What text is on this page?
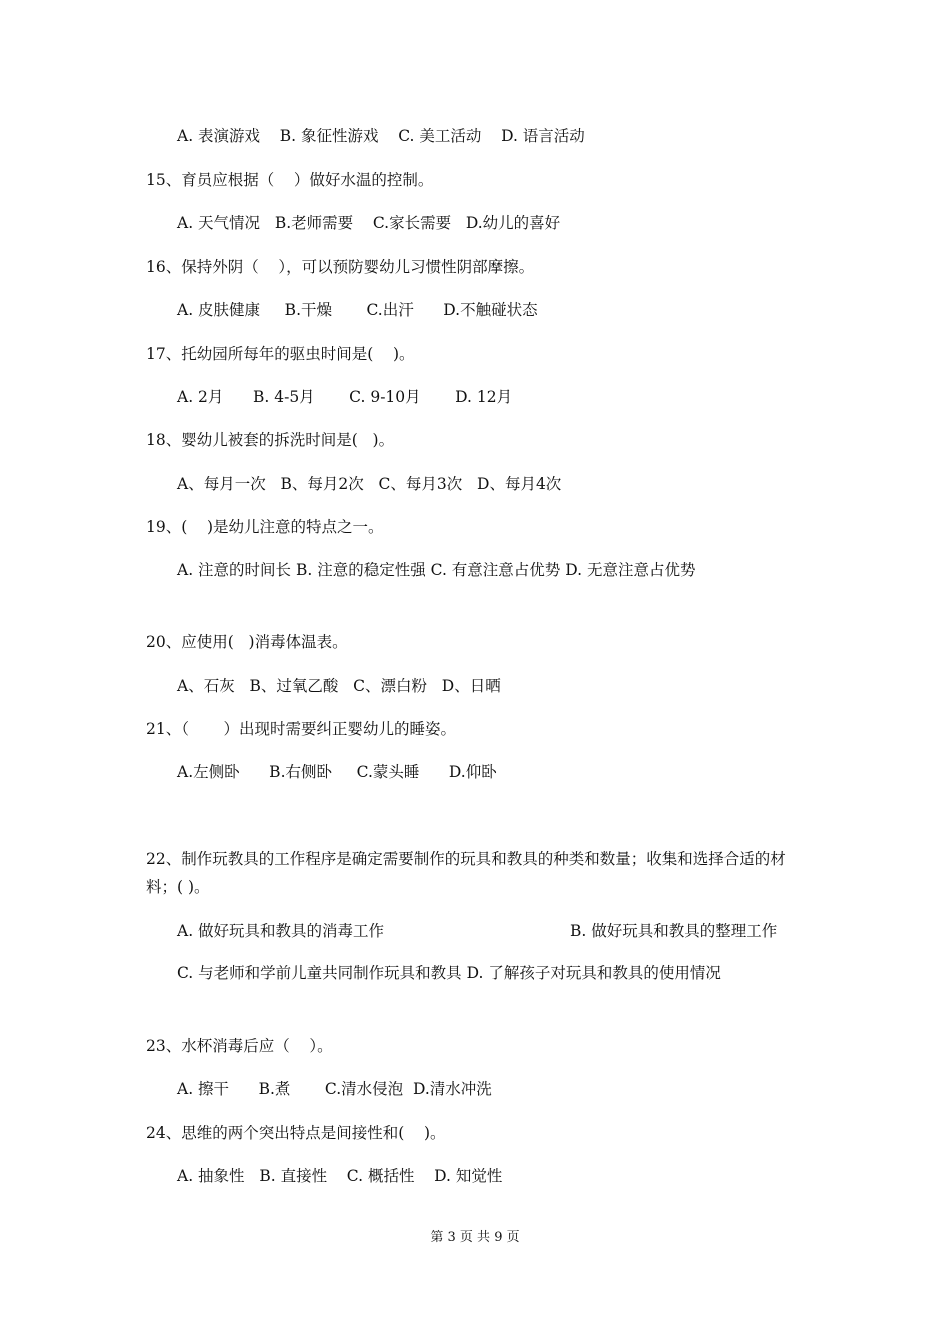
A. 表演游戏    B. 象征性游戏    C. 美工活动    D. 语言活动
15、育员应根据（    ）做好水温的控制。
A. 天气情况   B.老师需要    C.家长需要   D.幼儿的喜好
16、保持外阴（    ），可以预防婴幼儿习惯性阴部摩擦。
A. 皮肤健康     B.干燥       C.出汗      D.不触碰状态
17、托幼园所每年的驱虫时间是(    )。
A. 2月      B. 4-5月       C. 9-10月       D. 12月
18、婴幼儿被套的拆洗时间是(   )。
A、每月一次   B、每月2次   C、每月3次   D、每月4次
19、(    )是幼儿注意的特点之一。
A. 注意的时间长 B. 注意的稳定性强 C. 有意注意占优势 D. 无意注意占优势
20、应使用(   )消毒体温表。
A、石灰   B、过氧乙酸   C、漂白粉   D、日晒
21、（       ）出现时需要纠正婴幼儿的睡姿。
A.左侧卧      B.右侧卧     C.蒙头睡      D.仰卧
22、制作玩教具的工作程序是确定需要制作的玩具和教具的种类和数量；收集和选择合适的材料；( )。
A. 做好玩具和教具的消毒工作	B. 做好玩具和教具的整理工作
C. 与老师和学前儿童共同制作玩具和教具 D. 了解孩子对玩具和教具的使用情况
23、水杯消毒后应（    ）。
A. 擦干      B.煮       C.清水侵泡  D.清水冲洗
24、思维的两个突出特点是间接性和(    )。
A. 抽象性   B. 直接性    C. 概括性    D. 知觉性
第 3 页 共 9 页
